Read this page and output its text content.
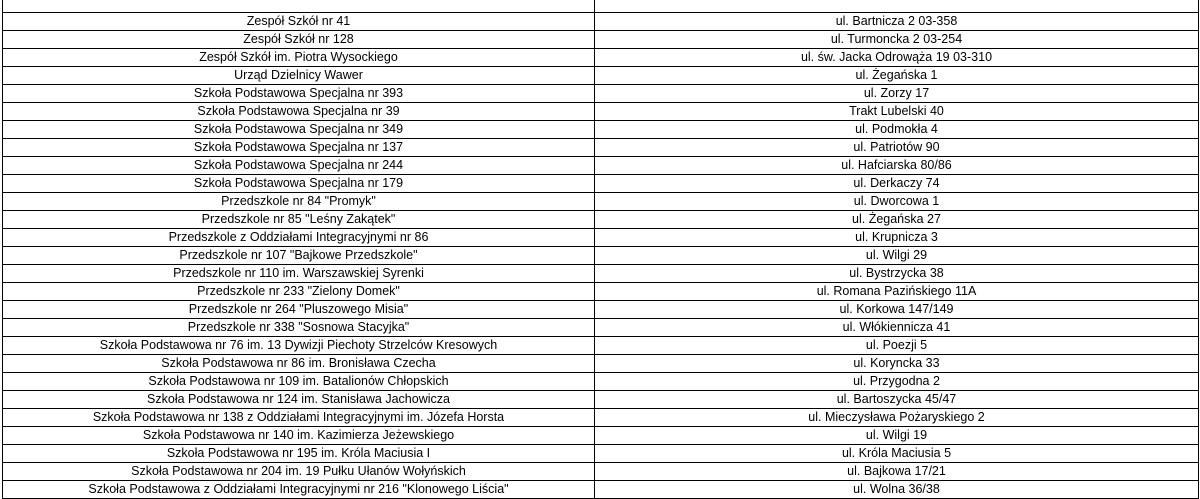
Zespół Szkół nr 41	ul. Bartnicza 2 03-358
Zespół Szkół nr 128	ul. Turmoncka 2 03-254
Zespół Szkół im. Piotra Wysockiego	ul. św. Jacka Odrowąża 19 03-310
Urząd Dzielnicy Wawer	ul. Żegańska 1
Szkoła Podstawowa Specjalna nr 393	ul. Zorzy 17
Szkoła Podstawowa Specjalna nr 39	Trakt Lubelski 40
Szkoła Podstawowa Specjalna nr 349	ul. Podmokła 4
Szkoła Podstawowa Specjalna nr 137	ul. Patriotów 90
Szkoła Podstawowa Specjalna nr 244	ul. Hafciarska 80/86
Szkoła Podstawowa Specjalna nr 179	ul. Derkaczy 74
Przedszkole nr 84 "Promyk"	ul. Dworcowa 1
Przedszkole nr 85 "Leśny Zakątek"	ul. Żegańska 27
Przedszkole z Oddziałami Integracyjnymi nr 86	ul. Krupnicza 3
Przedszkole nr 107 "Bajkowe Przedszkole"	ul. Wilgi 29
Przedszkole nr 110 im. Warszawskiej Syrenki	ul. Bystrzycka 38
Przedszkole nr 233 "Zielony Domek"	ul. Romana Pazińskiego 11A
Przedszkole nr 264 "Pluszowego Misia"	ul. Korkowa 147/149
Przedszkole nr 338 "Sosnowa Stacyjka"	ul. Włókiennicza 41
Szkoła Podstawowa nr 76 im. 13 Dywizji Piechoty Strzelców Kresowych	ul. Poezji 5
Szkoła Podstawowa nr 86 im. Bronisława Czecha	ul. Koryncka 33
Szkoła Podstawowa nr 109 im. Batalionów Chłopskich	ul. Przygodna 2
Szkoła Podstawowa nr 124 im. Stanisława Jachowicza	ul. Bartoszycka 45/47
Szkoła Podstawowa nr 138 z Oddziałami Integracyjnymi im. Józefa Horsta	ul. Mieczysława Pożaryskiego 2
Szkoła Podstawowa nr 140 im. Kazimierza Jeżewskiego	ul. Wilgi 19
Szkoła Podstawowa nr 195 im. Króla Maciusia I	ul. Króla Maciusia 5
Szkoła Podstawowa nr 204 im. 19 Pułku Ułanów Wołyńskich	ul. Bajkowa 17/21
Szkoła Podstawowa z Oddziałami Integracyjnymi nr 216 "Klonowego Liścia"	ul. Wolna 36/38
